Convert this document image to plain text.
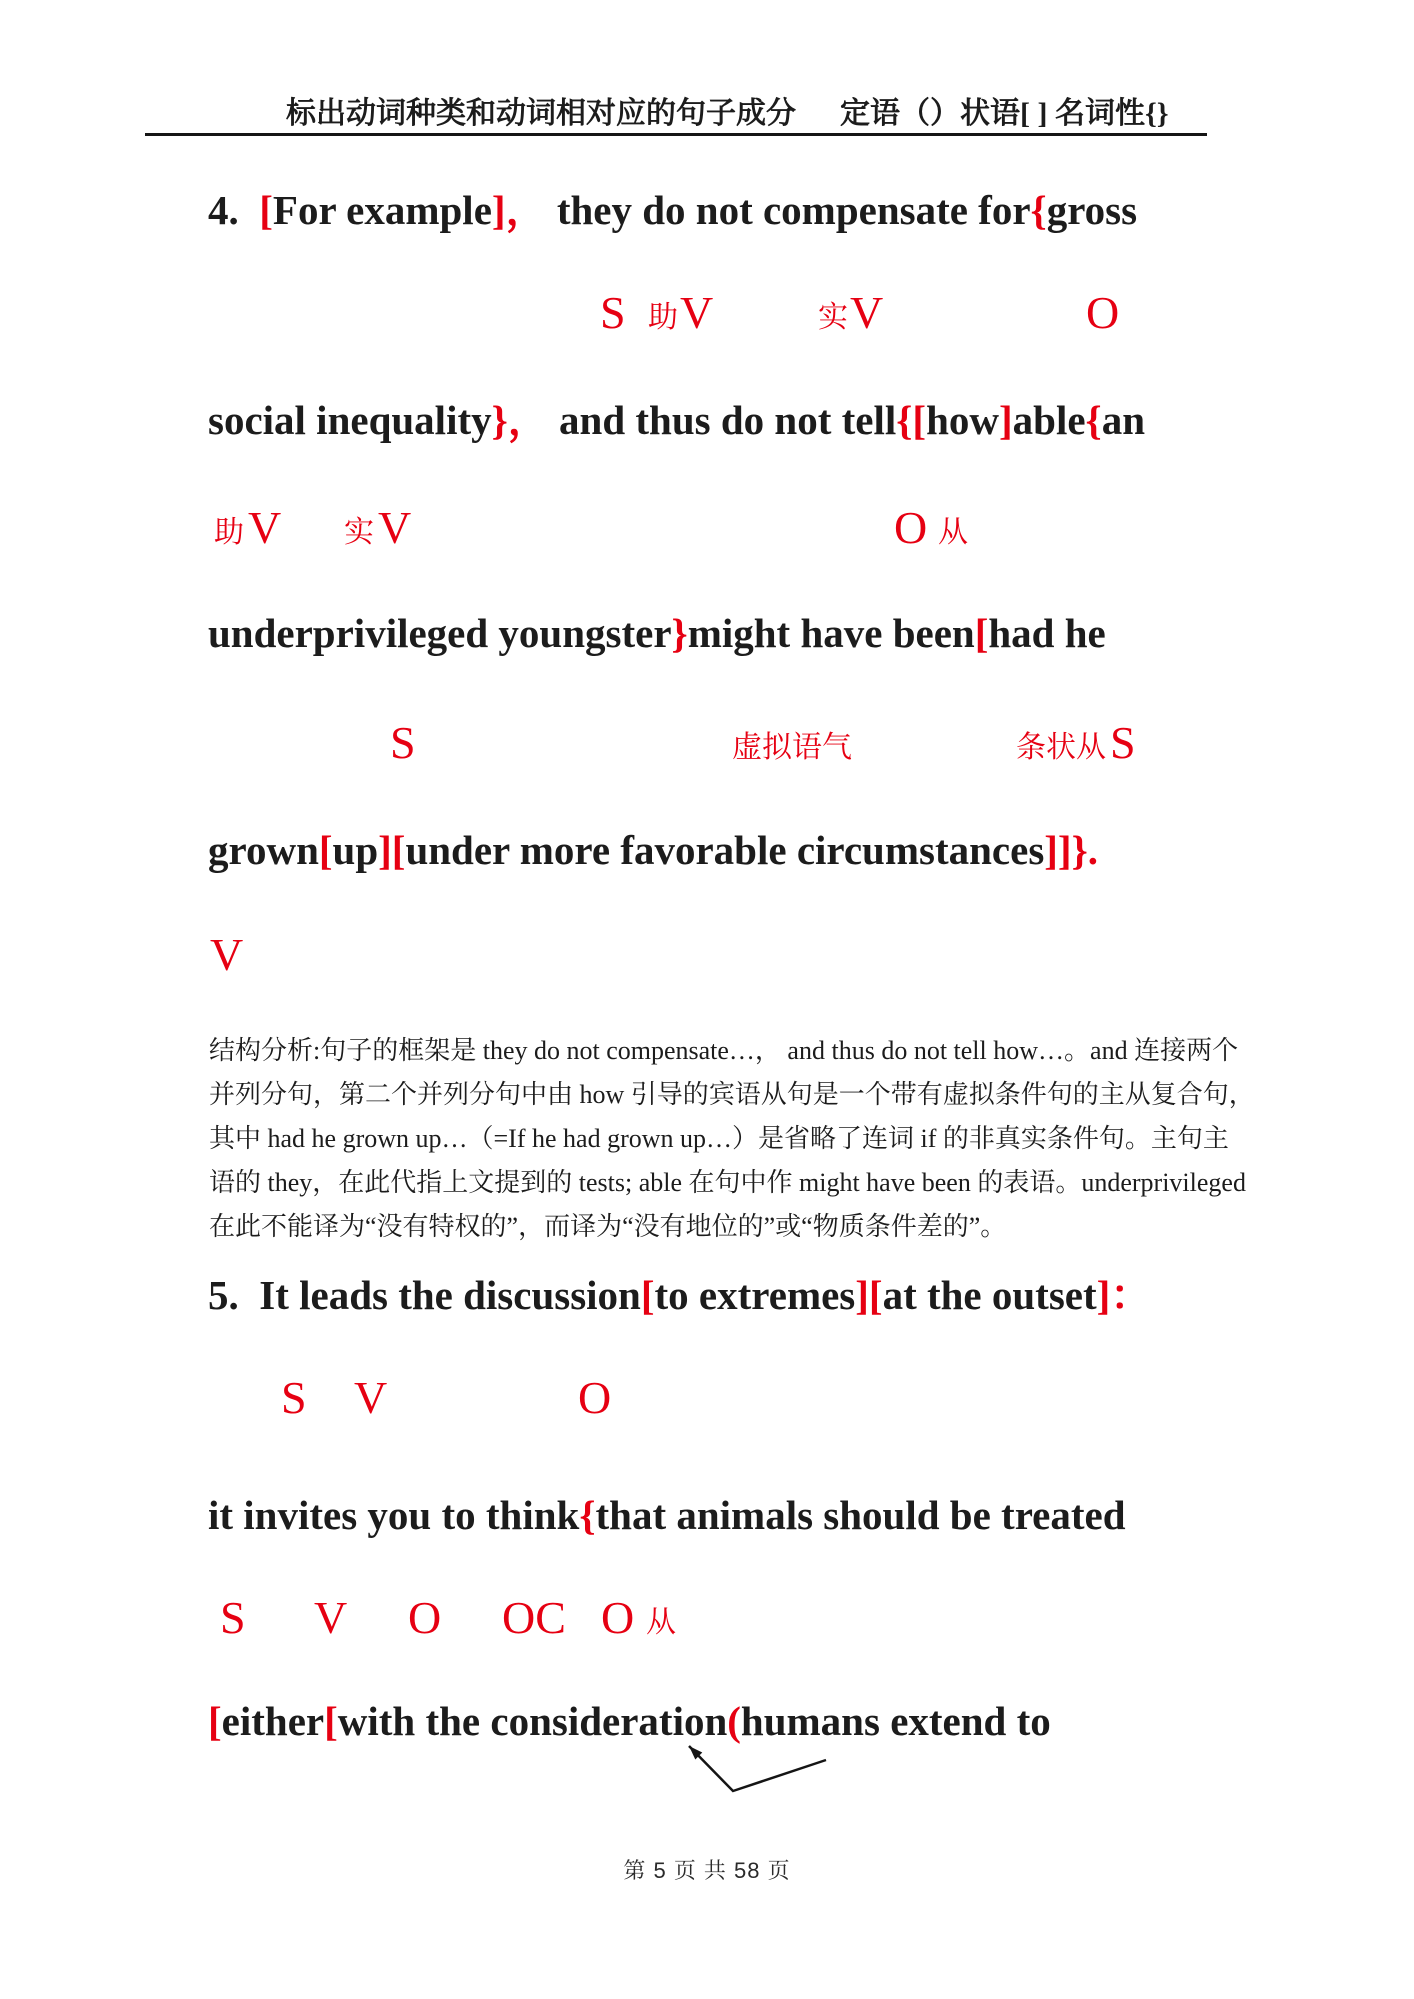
标出动词种类和动词相对应的句子成分 定语（）状语[ ] 名词性{}
4.  [For example]， they do not compensate for{gross
S 助 V	实 V	O
social inequality}， and thus do not tell{[how]able{an
助 V 实 V	O 从
underprivileged youngster}might have been[had he
S	虚拟语气	条状从 S
grown[up][under more favorable circumstances]]}.
V
结构分析:句子的框架是 they do not compensate…， and thus do not tell how…。and 连接两个
并列分句，第二个并列分句中由 how 引导的宾语从句是一个带有虚拟条件句的主从复合句，
其中 had he grown up…（=If he had grown up…）是省略了连词 if 的非真实条件句。主句主
语的 they，在此代指上文提到的 tests; able 在句中作 might have been 的表语。underprivileged
在此不能译为“没有特权的”，而译为“没有地位的”或“物质条件差的”。
5.  It leads the discussion[to extremes][at the outset]：
S V	O
it invites you to think{that animals should be treated
S V O OC O 从
[either[with the consideration(humans extend to
第 5 页 共 58 页
